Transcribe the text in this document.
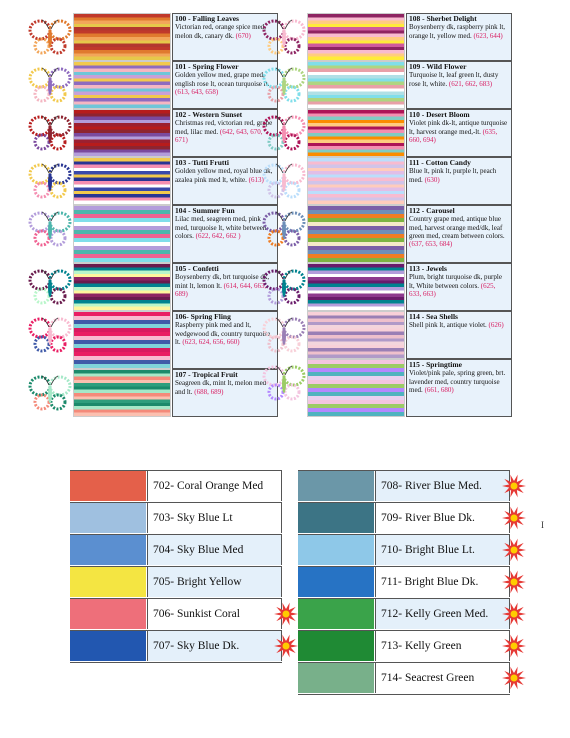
100 - Falling Leaves
Victorian red, orange spice med, melon dk, canary dk. (670)
101 - Spring Flower
Golden yellow med, grape med, english rose lt, ocean turquoise lt. (613, 643, 658)
102 - Western Sunset
Christmas red, victorian red, grape med, lilac med. (642, 643, 670, 671)
103 - Tutti Frutti
Golden yellow med, royal blue dk, azalea pink med lt, white. (613)
104 - Summer Fun
Lilac med, seagreen med, pink med, turquoise lt, white between colors. (622, 642, 662 )
105 - Confetti
Boysenberry dk, brt turquoise dk, mint lt, lemon lt. (614, 644, 663, 689)
106- Spring Fling
Raspberry pink med and lt, wedgewood dk, country turquoise lt. (623, 624, 656, 660)
107 - Tropical Fruit
Seagreen dk, mint lt, melon med and lt. (688, 689)
108 - Sherbet Delight
Boysenberry dk, raspberry pink lt, orange lt, yellow med. (623, 644)
109 - Wild Flower
Turquoise lt, leaf green lt, dusty rose lt, white. (621, 662, 683)
110 - Desert Bloom
Violet pink dk-lt, antique turquoise lt, harvest orange med,-lt. (635, 660, 694)
111 - Cotton Candy
Blue lt, pink lt, purple lt, peach med. (630)
112 - Carousel
Country grape med, antique blue med, harvest orange med/dk, leaf green med, cream between colors. (637, 653, 684)
113 - Jewels
Plum, bright turquoise dk, purple lt, White between colors. (625, 633, 663)
114 - Sea Shells
Shell pink lt, antique violet. (626)
115 - Springtime
Violet/pink pale, spring green, brt. lavender med, country turquoise med. (661, 680)
702- Coral Orange Med
703- Sky Blue Lt
704- Sky Blue Med
705- Bright Yellow
706- Sunkist Coral
707- Sky Blue Dk.
708- River Blue Med.
709- River Blue Dk.
710- Bright Blue Lt.
711- Bright Blue Dk.
712- Kelly Green Med.
713- Kelly Green
714- Seacrest Green
I
